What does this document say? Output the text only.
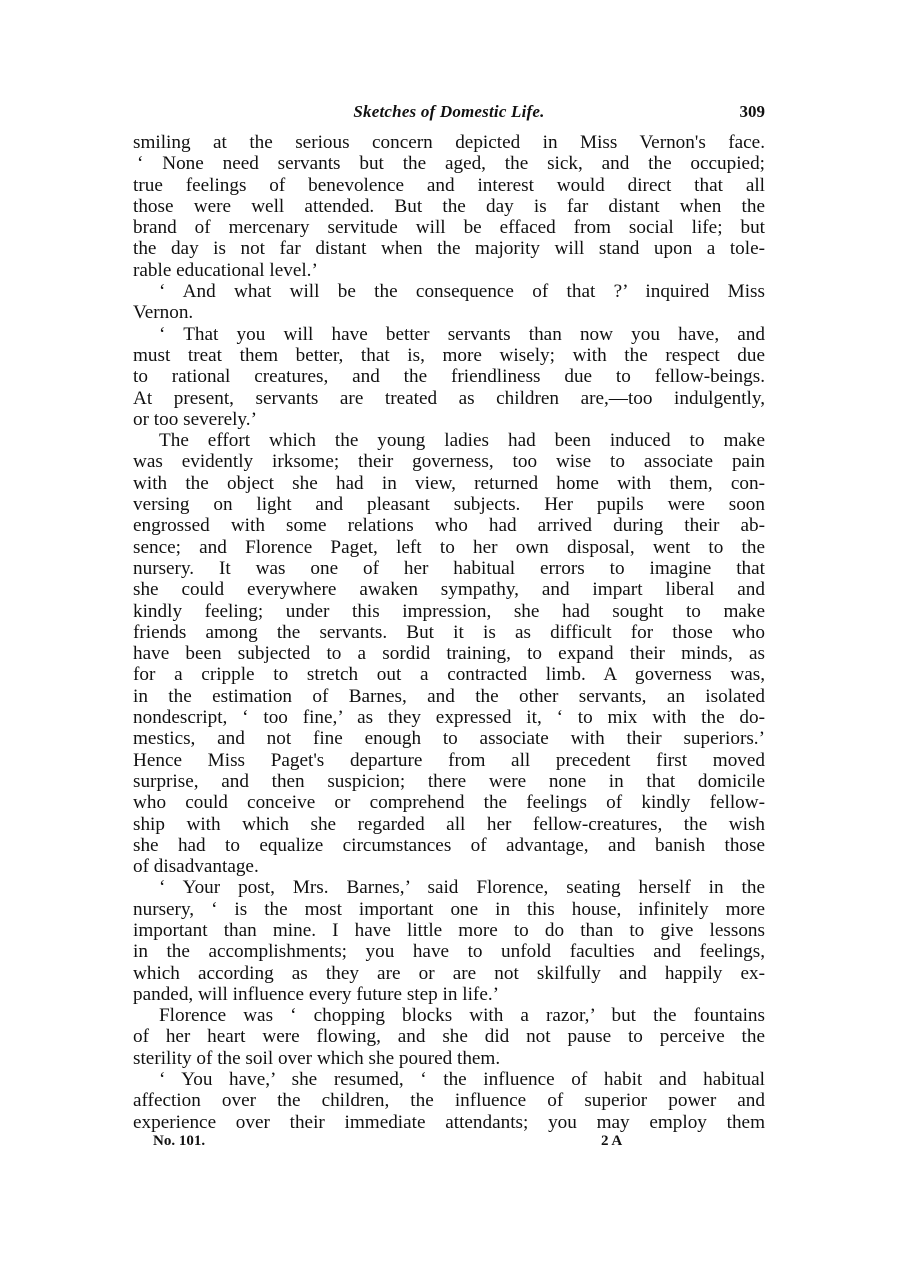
Sketches of Domestic Life.	309
smiling at the serious concern depicted in Miss Vernon's face.
‘ None need servants but the aged, the sick, and the occupied;
true feelings of benevolence and interest would direct that all
those were well attended. But the day is far distant when the
brand of mercenary servitude will be effaced from social life; but
the day is not far distant when the majority will stand upon a tole-
rable educational level.’
‘ And what will be the consequence of that ?’ inquired Miss
Vernon.
‘ That you will have better servants than now you have, and
must treat them better, that is, more wisely; with the respect due
to rational creatures, and the friendliness due to fellow-beings.
At present, servants are treated as children are,—too indulgently,
or too severely.’
The effort which the young ladies had been induced to make
was evidently irksome; their governess, too wise to associate pain
with the object she had in view, returned home with them, con-
versing on light and pleasant subjects. Her pupils were soon
engrossed with some relations who had arrived during their ab-
sence; and Florence Paget, left to her own disposal, went to the
nursery. It was one of her habitual errors to imagine that
she could everywhere awaken sympathy, and impart liberal and
kindly feeling; under this impression, she had sought to make
friends among the servants. But it is as difficult for those who
have been subjected to a sordid training, to expand their minds, as
for a cripple to stretch out a contracted limb. A governess was,
in the estimation of Barnes, and the other servants, an isolated
nondescript, ‘ too fine,’ as they expressed it, ‘ to mix with the do-
mestics, and not fine enough to associate with their superiors.’
Hence Miss Paget's departure from all precedent first moved
surprise, and then suspicion; there were none in that domicile
who could conceive or comprehend the feelings of kindly fellow-
ship with which she regarded all her fellow-creatures, the wish
she had to equalize circumstances of advantage, and banish those
of disadvantage.
‘ Your post, Mrs. Barnes,’ said Florence, seating herself in the
nursery, ‘ is the most important one in this house, infinitely more
important than mine. I have little more to do than to give lessons
in the accomplishments; you have to unfold faculties and feelings,
which according as they are or are not skilfully and happily ex-
panded, will influence every future step in life.’
Florence was ‘ chopping blocks with a razor,’ but the fountains
of her heart were flowing, and she did not pause to perceive the
sterility of the soil over which she poured them.
‘ You have,’ she resumed, ‘ the influence of habit and habitual
affection over the children, the influence of superior power and
experience over their immediate attendants; you may employ them
No. 101.	2 A
